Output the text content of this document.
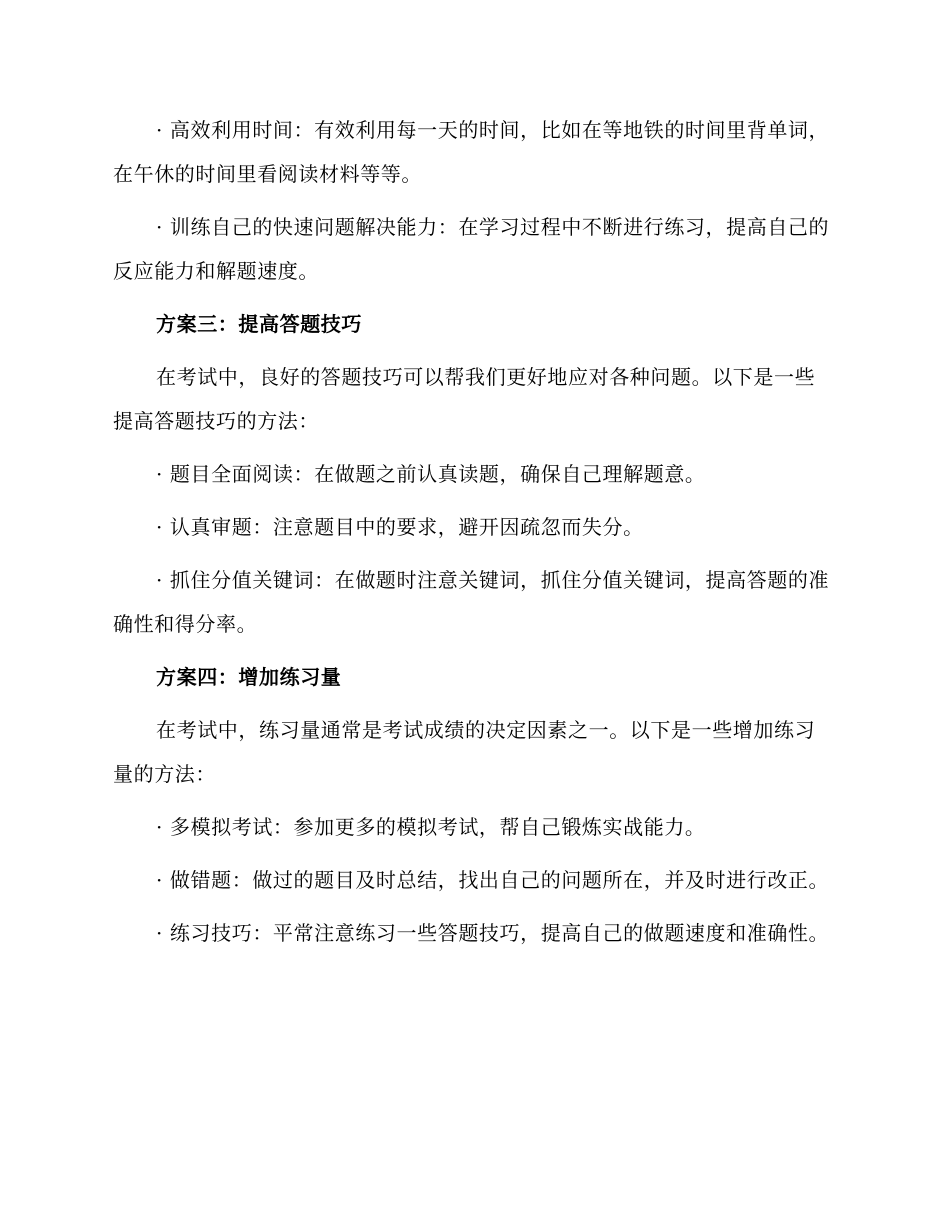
· 高效利用时间：有效利用每一天的时间，比如在等地铁的时间里背单词，在午休的时间里看阅读材料等等。

· 训练自己的快速问题解决能力：在学习过程中不断进行练习，提高自己的反应能力和解题速度。

方案三：提高答题技巧

在考试中，良好的答题技巧可以帮我们更好地应对各种问题。以下是一些提高答题技巧的方法：

· 题目全面阅读：在做题之前认真读题，确保自己理解题意。

· 认真审题：注意题目中的要求，避开因疏忽而失分。

· 抓住分值关键词：在做题时注意关键词，抓住分值关键词，提高答题的准确性和得分率。

方案四：增加练习量

在考试中，练习量通常是考试成绩的决定因素之一。以下是一些增加练习量的方法：

· 多模拟考试：参加更多的模拟考试，帮自己锻炼实战能力。

· 做错题：做过的题目及时总结，找出自己的问题所在，并及时进行改正。

· 练习技巧：平常注意练习一些答题技巧，提高自己的做题速度和准确性。
